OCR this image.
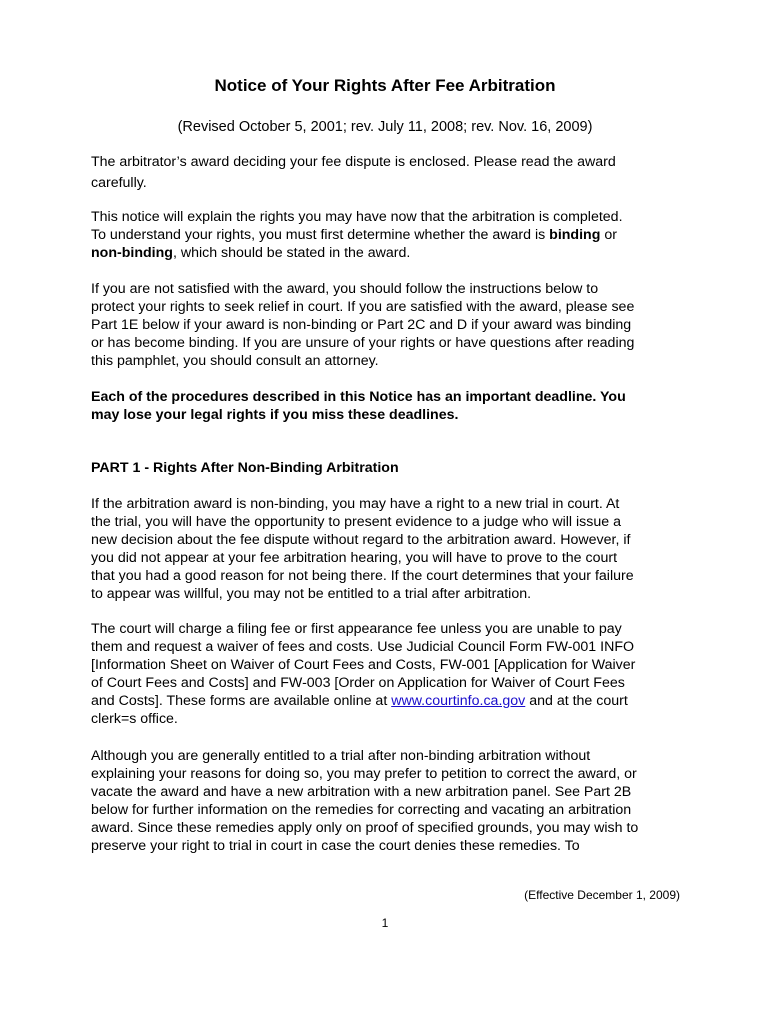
Notice of Your Rights After Fee Arbitration
(Revised October 5, 2001; rev. July 11, 2008; rev. Nov. 16, 2009)
The arbitrator’s award deciding your fee dispute is enclosed. Please read the award
carefully.
This notice will explain the rights you may have now that the arbitration is completed.
To understand your rights, you must first determine whether the award is binding or
non-binding, which should be stated in the award.
If you are not satisfied with the award, you should follow the instructions below to
protect your rights to seek relief in court. If you are satisfied with the award, please see
Part 1E below if your award is non-binding or Part 2C and D if your award was binding
or has become binding. If you are unsure of your rights or have questions after reading
this pamphlet, you should consult an attorney.
Each of the procedures described in this Notice has an important deadline. You
may lose your legal rights if you miss these deadlines.
PART 1 - Rights After Non-Binding Arbitration
If the arbitration award is non-binding, you may have a right to a new trial in court. At
the trial, you will have the opportunity to present evidence to a judge who will issue a
new decision about the fee dispute without regard to the arbitration award. However, if
you did not appear at your fee arbitration hearing, you will have to prove to the court
that you had a good reason for not being there. If the court determines that your failure
to appear was willful, you may not be entitled to a trial after arbitration.
The court will charge a filing fee or first appearance fee unless you are unable to pay
them and request a waiver of fees and costs. Use Judicial Council Form FW-001 INFO
[Information Sheet on Waiver of Court Fees and Costs, FW-001 [Application for Waiver
of Court Fees and Costs] and FW-003 [Order on Application for Waiver of Court Fees
and Costs]. These forms are available online at www.courtinfo.ca.gov and at the court
clerk=s office.
Although you are generally entitled to a trial after non-binding arbitration without
explaining your reasons for doing so, you may prefer to petition to correct the award, or
vacate the award and have a new arbitration with a new arbitration panel. See Part 2B
below for further information on the remedies for correcting and vacating an arbitration
award. Since these remedies apply only on proof of specified grounds, you may wish to
preserve your right to trial in court in case the court denies these remedies. To
(Effective December 1, 2009)
1
